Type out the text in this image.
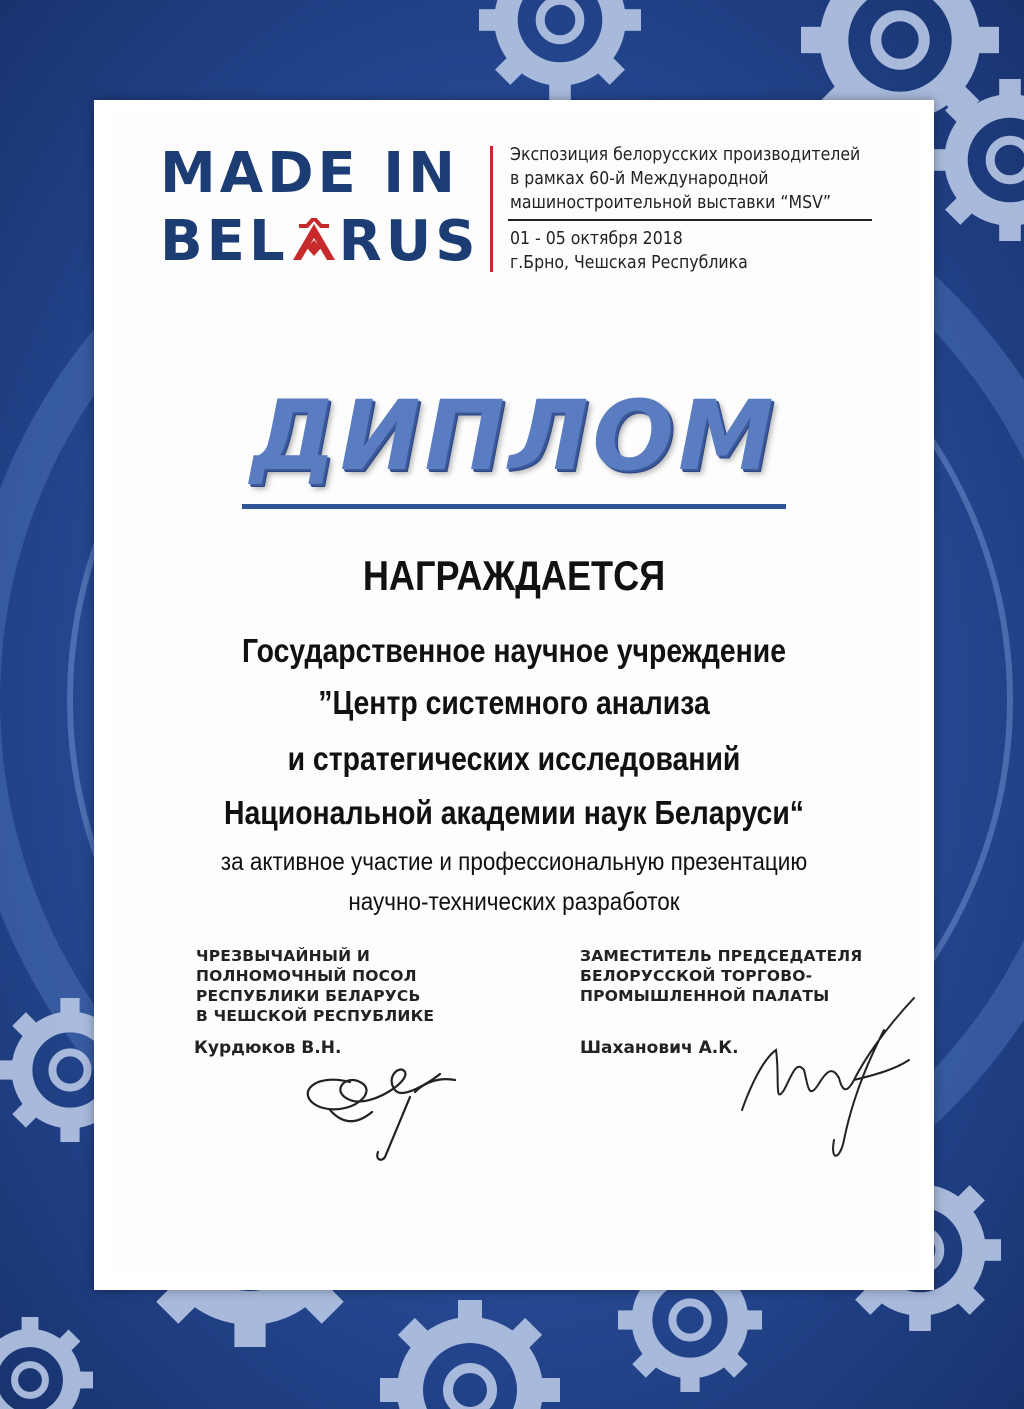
MADE IN
BEL RUS
Экспозиция белорусских производителей
в рамках 60-й Международной
машиностроительной выставки “MSV”
01 - 05 октября 2018
г.Брно, Чешская Республика
ДИПЛОМ
НАГРАЖДАЕТСЯ
Государственное научное учреждение
”Центр системного анализа
и стратегических исследований
Национальной академии наук Беларуси“
за активное участие и профессиональную презентацию
научно-технических разработок
ЧРЕЗВЫЧАЙНЫЙ И
ПОЛНОМОЧНЫЙ ПОСОЛ
РЕСПУБЛИКИ БЕЛАРУСЬ
В ЧЕШСКОЙ РЕСПУБЛИКЕ
ЗАМЕСТИТЕЛЬ ПРЕДСЕДАТЕЛЯ
БЕЛОРУССКОЙ ТОРГОВО-
ПРОМЫШЛЕННОЙ ПАЛАТЫ
Курдюков В.Н.	Шаханович А.К.
